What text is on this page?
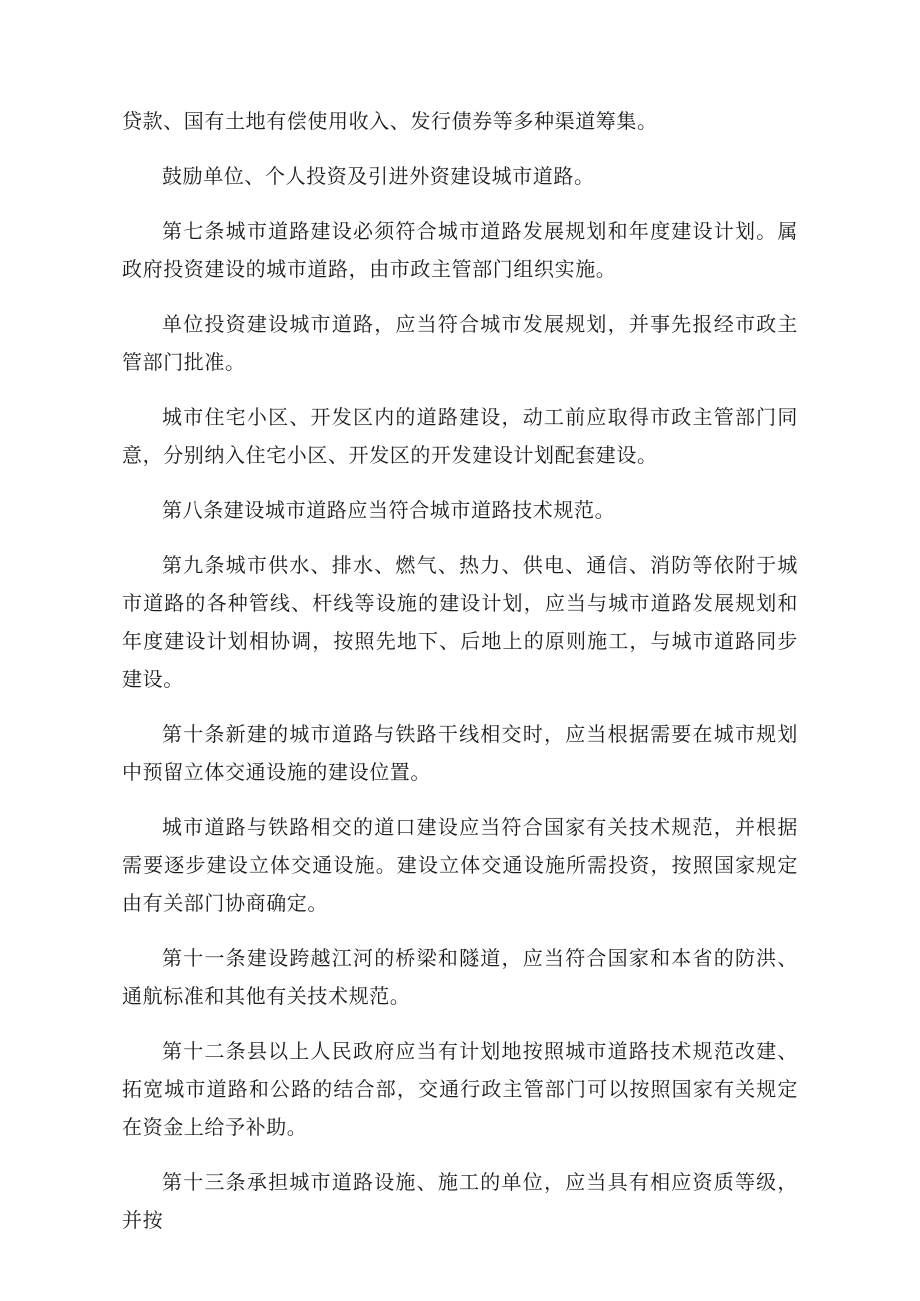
贷款、国有土地有偿使用收入、发行债券等多种渠道筹集。

鼓励单位、个人投资及引进外资建设城市道路。

第七条城市道路建设必须符合城市道路发展规划和年度建设计划。属政府投资建设的城市道路，由市政主管部门组织实施。

单位投资建设城市道路，应当符合城市发展规划，并事先报经市政主管部门批准。

城市住宅小区、开发区内的道路建设，动工前应取得市政主管部门同意，分别纳入住宅小区、开发区的开发建设计划配套建设。

第八条建设城市道路应当符合城市道路技术规范。

第九条城市供水、排水、燃气、热力、供电、通信、消防等依附于城市道路的各种管线、杆线等设施的建设计划，应当与城市道路发展规划和年度建设计划相协调，按照先地下、后地上的原则施工，与城市道路同步建设。

第十条新建的城市道路与铁路干线相交时，应当根据需要在城市规划中预留立体交通设施的建设位置。

城市道路与铁路相交的道口建设应当符合国家有关技术规范，并根据需要逐步建设立体交通设施。建设立体交通设施所需投资，按照国家规定由有关部门协商确定。

第十一条建设跨越江河的桥梁和隧道，应当符合国家和本省的防洪、通航标准和其他有关技术规范。

第十二条县以上人民政府应当有计划地按照城市道路技术规范改建、拓宽城市道路和公路的结合部，交通行政主管部门可以按照国家有关规定在资金上给予补助。

第十三条承担城市道路设施、施工的单位，应当具有相应资质等级，并按
